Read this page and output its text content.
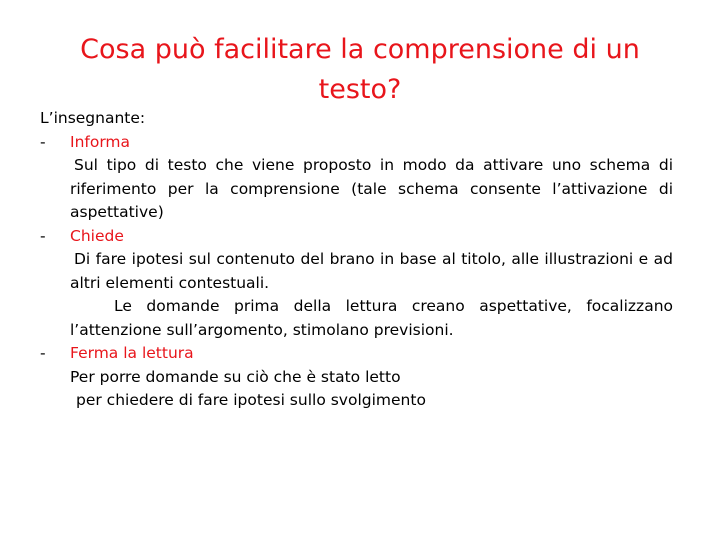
Cosa può facilitare la comprensione di un testo?

L’insegnante:

- Informa

Sul tipo di testo che viene proposto in modo da attivare uno schema di riferimento per la comprensione (tale schema consente l’attivazione di aspettative)

- Chiede

Di fare ipotesi sul contenuto del brano in base al titolo, alle illustrazioni e ad altri elementi contestuali.

Le domande prima della lettura creano aspettative, focalizzano l’attenzione sull’argomento, stimolano previsioni.

- Ferma la lettura

Per porre domande su ciò che è stato letto

per chiedere di fare ipotesi sullo svolgimento
